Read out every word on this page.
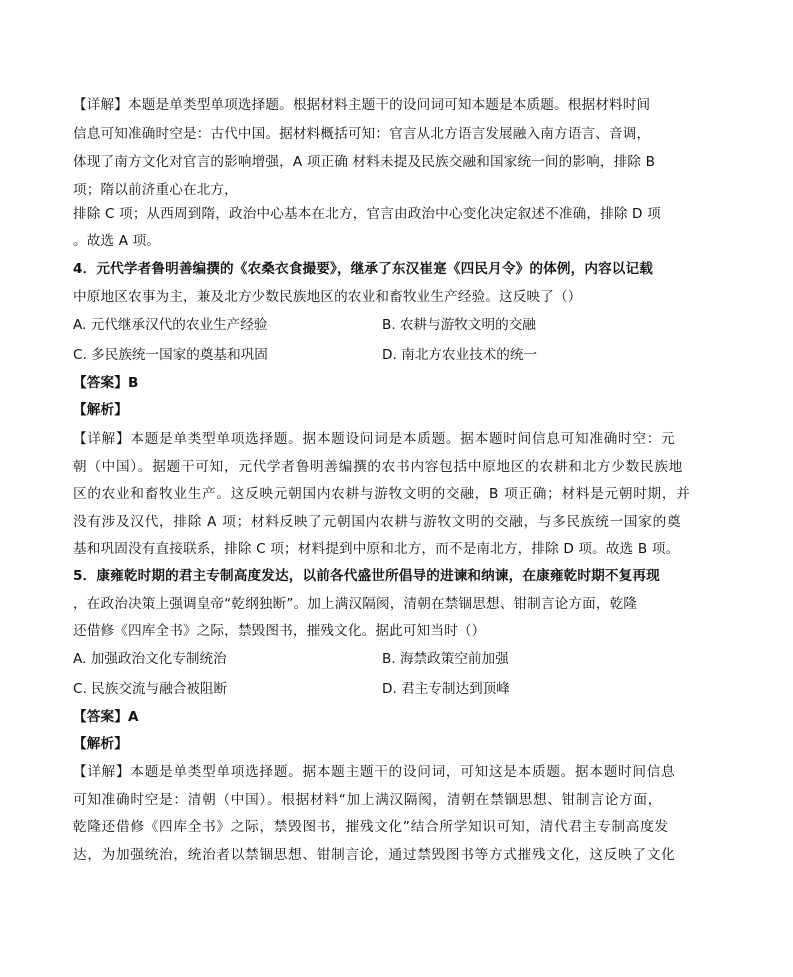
【详解】本题是单类型单项选择题。根据材料主题干的设问词可知本题是本质题。根据材料时间
信息可知准确时空是：古代中国。据材料概括可知：官言从北方语言发展融入南方语言、音调，
体现了南方文化对官言的影响增强，A 项正确 材料未提及民族交融和国家统一间的影响，排除 B
项；隋以前济重心在北方，
排除 C 项；从西周到隋，政治中心基本在北方，官言由政治中心变化决定叙述不准确，排除 D 项
。故选 A 项。
4．元代学者鲁明善编撰的《农桑衣食撮要》，继承了东汉崔寔《四民月令》的体例，内容以记载
中原地区农事为主，兼及北方少数民族地区的农业和畜牧业生产经验。这反映了（）
A. 元代继承汉代的农业生产经验	B. 农耕与游牧文明的交融
C. 多民族统一国家的奠基和巩固	D. 南北方农业技术的统一
【答案】B
【解析】
【详解】本题是单类型单项选择题。据本题设问词是本质题。据本题时间信息可知准确时空：元
朝（中国）。据题干可知，元代学者鲁明善编撰的农书内容包括中原地区的农耕和北方少数民族地
区的农业和畜牧业生产。这反映元朝国内农耕与游牧文明的交融，B 项正确；材料是元朝时期，并
没有涉及汉代，排除 A 项；材料反映了元朝国内农耕与游牧文明的交融，与多民族统一国家的奠
基和巩固没有直接联系，排除 C 项；材料提到中原和北方，而不是南北方，排除 D 项。故选 B 项。
5．康雍乾时期的君主专制高度发达，以前各代盛世所倡导的进谏和纳谏，在康雍乾时期不复再现
，在政治决策上强调皇帝“乾纲独断”。加上满汉隔阂，清朝在禁锢思想、钳制言论方面，乾隆
还借修《四库全书》之际，禁毁图书，摧残文化。据此可知当时（）
A. 加强政治文化专制统治	B. 海禁政策空前加强
C. 民族交流与融合被阻断	D. 君主专制达到顶峰
【答案】A
【解析】
【详解】本题是单类型单项选择题。据本题主题干的设问词，可知这是本质题。据本题时间信息
可知准确时空是：清朝（中国）。根据材料“加上满汉隔阂，清朝在禁锢思想、钳制言论方面，
乾隆还借修《四库全书》之际，禁毁图书，摧残文化”结合所学知识可知，清代君主专制高度发
达，为加强统治，统治者以禁锢思想、钳制言论，通过禁毁图书等方式摧残文化，这反映了文化
